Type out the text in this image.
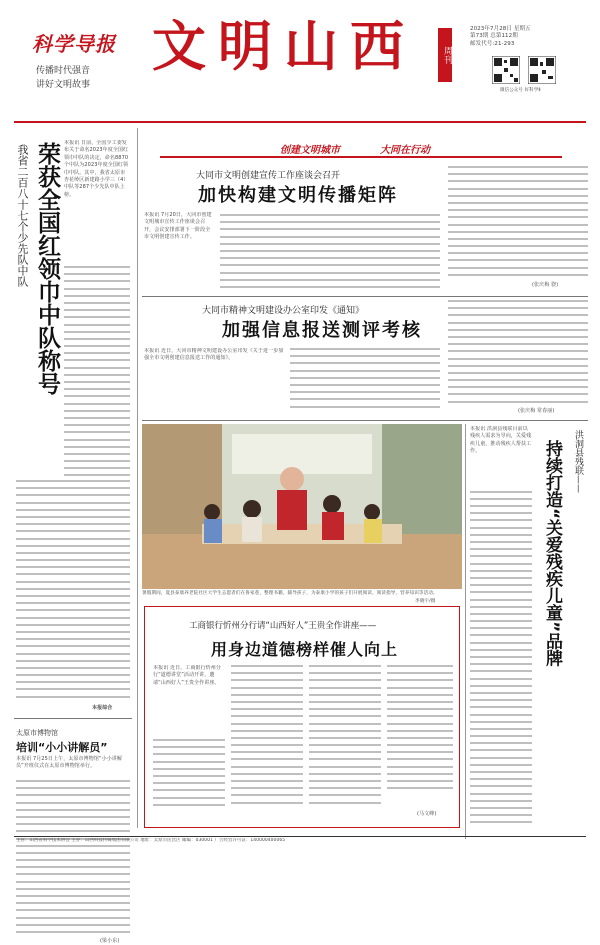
科学导报
传播时代强音
讲好文明故事
文明山西	周刊
2023年7月28日 星期五
第73期 总第112期
邮发代号:21-293
微信公众号 好科学Ⅱ
我省二百八十七个少先队中队 荣获全国红领巾中队称号 本报讯 日前，全国少工委发布关于命名2023年度全国红领巾中队的决定，命名8870个中队为2023年度全国红领巾中队。其中，我省太原市杏花岭区新建路小学三（4）中队等287个少先队中队上榜。
本报综合
太原市博物馆
培训“小小讲解员”
本报讯 7月25日上午，太原市博物馆“小小讲解员”开班仪式在太原市博物馆举行。
(梁小东)
创建文明城市	大同在行动
大同市文明创建宣传工作座谈会召开
加快构建文明传播矩阵
本报讯 7月20日，大同市创建文明城市宣传工作座谈会召开，会议安排部署下一阶段全市文明创建宣传工作。
(张庆梅 骁)
大同市精神文明建设办公室印发《通知》
加强信息报送测评考核
本报讯 近日，大同市精神文明建设办公室印发《关于进一步加强全市文明创建信息报送工作的通知》。
(张庆梅 常春丽)
暑假期间，夏县泰康养老院社区大学生志愿者们在鲁家巷，整理书籍，辅导孩子，为泰康小学的孩子们开展阅读、阅读指导，营养知识等活动。
李晓宇/摄
本报讯 洪洞县残联目前以残疾人需求为导向，关爱残疾儿童，推动残疾人帮扶工作。	洪洞县残联——
持续打造“关爱残疾儿童”品牌
工商银行忻州分行请“山西好人”王贵全作讲座——
用身边道德榜样催人向上
本报讯 近日，工商银行忻州分行“道德讲堂”活动开讲，邀请“山西好人”王贵全作讲座。
(马文峰)
主管：山西省科学技术协会 主办：山西科技传媒集团有限公司 地址：太原市民营区 邮编：030001 广告经营许可证：140000400065
